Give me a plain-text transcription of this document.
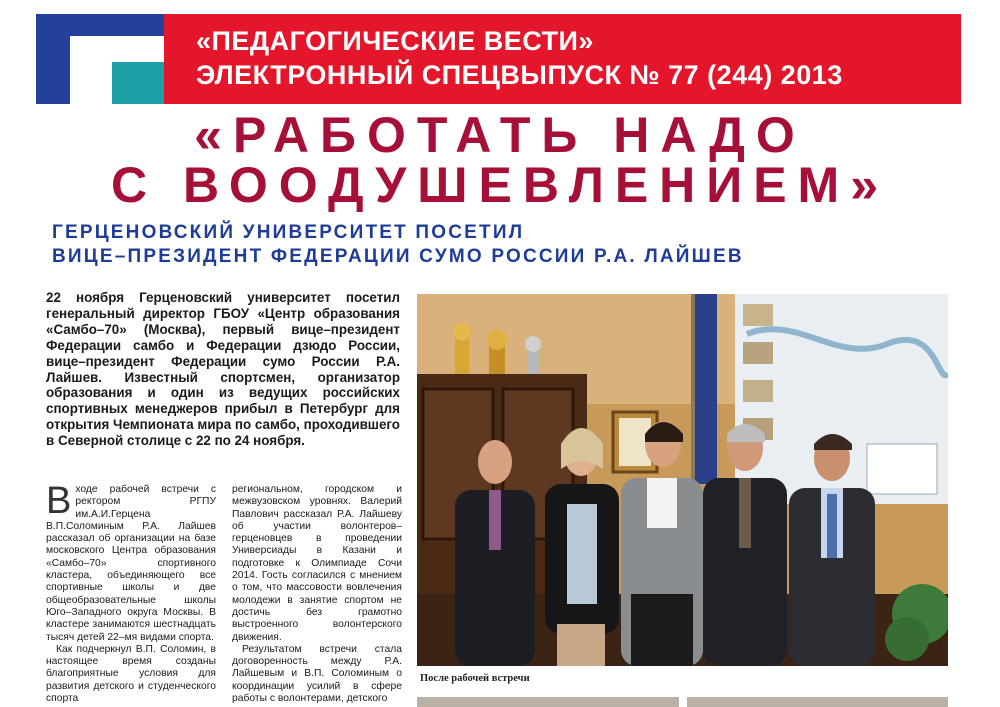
«ПЕДАГОГИЧЕСКИЕ ВЕСТИ»
ЭЛЕКТРОННЫЙ СПЕЦВЫПУСК № 77 (244) 2013
«РАБОТАТЬ НАДО
С ВООДУШЕВЛЕНИЕМ»
ГЕРЦЕНОВСКИЙ УНИВЕРСИТЕТ ПОСЕТИЛ
ВИЦЕ–ПРЕЗИДЕНТ ФЕДЕРАЦИИ СУМО РОССИИ Р.А. ЛАЙШЕВ
22 ноября Герценовский университет посетил генеральный директор ГБОУ «Центр образования «Самбо–70» (Москва), первый вице–президент Федерации самбо и Федерации дзюдо России, вице–президент Федерации сумо России Р.А. Лайшев. Известный спортсмен, организатор образования и один из ведущих российских спортивных менеджеров прибыл в Петербург для открытия Чемпионата мира по самбо, проходившего в Северной столице с 22 по 24 ноября.

Входе рабочей встречи с ректором РГПУ им.А.И.Герцена В.П.Соломиным Р.А. Лайшев рассказал об организации на базе московского Центра образования «Самбо–70» спортивного кластера, объединяющего все спортивные школы и две общеобразовательные школы Юго–Западного округа Москвы. В кластере занимаются шестнадцать тысяч детей 22–мя видами спорта.

Как подчеркнул В.П. Соломин, в настоящее время созданы благоприятные условия для развития детского и студенческого спорта

региональном, городском и межвузовском уровнях. Валерий Павлович рассказал Р.А. Лайшеву об участии волонтеров–герценовцев в проведении Универсиады в Казани и подготовке к Олимпиаде Сочи 2014. Гость согласился с мнением о том, что массовости вовлечения молодежи в занятие спортом не достичь без грамотно выстроенного волонтерского движения.

Результатом встречи стала договоренность между Р.А. Лайшевым и В.П. Соломиным о координации усилий в сфере работы с волонтерами, детского

После рабочей встречи
